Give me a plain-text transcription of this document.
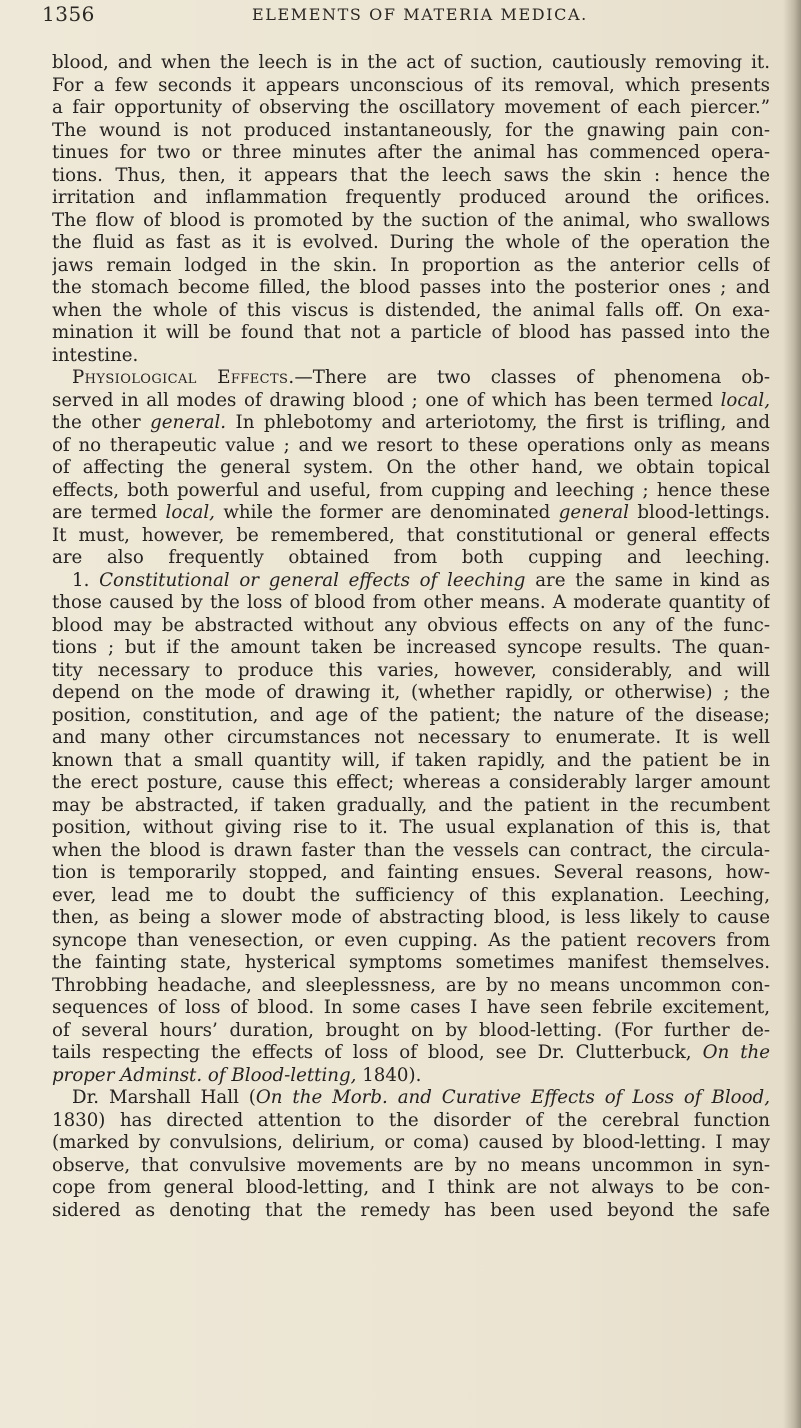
1356	ELEMENTS OF MATERIA MEDICA.
blood, and when the leech is in the act of suction, cautiously removing it.
For a few seconds it appears unconscious of its removal, which presents
a fair opportunity of observing the oscillatory movement of each piercer.”
The wound is not produced instantaneously, for the gnawing pain con-
tinues for two or three minutes after the animal has commenced opera-
tions. Thus, then, it appears that the leech saws the skin : hence the
irritation and inflammation frequently produced around the orifices.
The flow of blood is promoted by the suction of the animal, who swallows
the fluid as fast as it is evolved. During the whole of the operation the
jaws remain lodged in the skin. In proportion as the anterior cells of
the stomach become filled, the blood passes into the posterior ones ; and
when the whole of this viscus is distended, the animal falls off. On exa-
mination it will be found that not a particle of blood has passed into the
intestine.
Physiological Effects.—There are two classes of phenomena ob-
served in all modes of drawing blood ; one of which has been termed local,
the other general. In phlebotomy and arteriotomy, the first is trifling, and
of no therapeutic value ; and we resort to these operations only as means
of affecting the general system. On the other hand, we obtain topical
effects, both powerful and useful, from cupping and leeching ; hence these
are termed local, while the former are denominated general blood-lettings.
It must, however, be remembered, that constitutional or general effects
are also frequently obtained from both cupping and leeching.
1. Constitutional or general effects of leeching are the same in kind as
those caused by the loss of blood from other means. A moderate quantity of
blood may be abstracted without any obvious effects on any of the func-
tions ; but if the amount taken be increased syncope results. The quan-
tity necessary to produce this varies, however, considerably, and will
depend on the mode of drawing it, (whether rapidly, or otherwise) ; the
position, constitution, and age of the patient; the nature of the disease;
and many other circumstances not necessary to enumerate. It is well
known that a small quantity will, if taken rapidly, and the patient be in
the erect posture, cause this effect; whereas a considerably larger amount
may be abstracted, if taken gradually, and the patient in the recumbent
position, without giving rise to it. The usual explanation of this is, that
when the blood is drawn faster than the vessels can contract, the circula-
tion is temporarily stopped, and fainting ensues. Several reasons, how-
ever, lead me to doubt the sufficiency of this explanation. Leeching,
then, as being a slower mode of abstracting blood, is less likely to cause
syncope than venesection, or even cupping. As the patient recovers from
the fainting state, hysterical symptoms sometimes manifest themselves.
Throbbing headache, and sleeplessness, are by no means uncommon con-
sequences of loss of blood. In some cases I have seen febrile excitement,
of several hours’ duration, brought on by blood-letting. (For further de-
tails respecting the effects of loss of blood, see Dr. Clutterbuck, On the
proper Adminst. of Blood-letting, 1840).
Dr. Marshall Hall (On the Morb. and Curative Effects of Loss of Blood,
1830) has directed attention to the disorder of the cerebral function
(marked by convulsions, delirium, or coma) caused by blood-letting. I may
observe, that convulsive movements are by no means uncommon in syn-
cope from general blood-letting, and I think are not always to be con-
sidered as denoting that the remedy has been used beyond the safe
